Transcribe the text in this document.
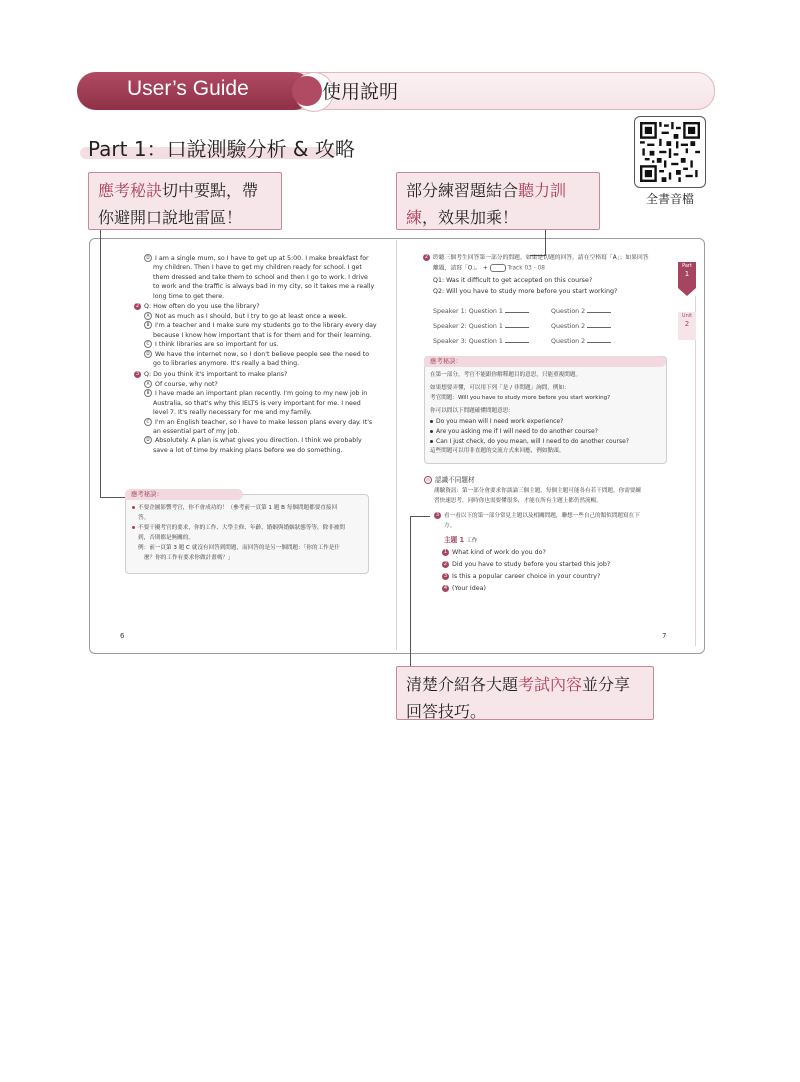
User’s Guide	使用說明
Part 1：口說測驗分析 & 攻略
全書音檔
應考秘訣切中要點，帶你避開口說地雷區！
部分練習題結合聽力訓練，效果加乘！
D I am a single mum, so I have to get up at 5:00. I make breakfast for
my children. Then I have to get my children ready for school. I get
them dressed and take them to school and then I go to work. I drive
to work and the traffic is always bad in my city, so it takes me a really
long time to get there.
2 Q: How often do you use the library?
A Not as much as I should, but I try to go at least once a week.
B I'm a teacher and I make sure my students go to the library every day
because I know how important that is for them and for their learning.
C I think libraries are so important for us.
D We have the internet now, so I don't believe people see the need to
go to libraries anymore. It's really a bad thing.
3 Q: Do you think it's important to make plans?
A Of course, why not?
B I have made an important plan recently. I'm going to my new job in
Australia, so that's why this IELTS is very important for me. I need
level 7. It's really necessary for me and my family.
C I'm an English teacher, so I have to make lesson plans every day. It's
an essential part of my job.
D Absolutely. A plan is what gives you direction. I think we probably
save a lot of time by making plans before we do something.
應考秘訣：
不要企圖影響考官，你不會成功的！（參考前一頁第 1 題 B 每個問題都要直接回
答。
不要干擾考官的要求，你的工作、大學主修、年齡、婚姻與婚姻狀態等等，除非被問
到，否則都是無關的。
例：前一頁第 3 題 C 就沒有回答到問題，而回答的是另一個問題：「你的工作是什
麼？你的工作有要求你做計畫嗎？」
6
2 聆聽三個考生回答第一部分的問題，如果是切題的回答，請在空格寫「A」；如果回答
離題，請寫「O」。 +	Track 03 - 08
Q1: Was it difficult to get accepted on this course?
Q2: Will you have to study more before you start working?
Speaker 1: Question 1	Question 2
Speaker 2: Question 1	Question 2
Speaker 3: Question 1	Question 2
應考秘訣：
在第一部分，考官不能跟你解釋題目的意思，只能重複問題。
如果想要弄懂，可以用下列「是 / 非問題」詢問，例如：
考官問題：Will you have to study more before you start working?
你可以問以下問題確懂問題意思：
Do you mean will I need work experience?
Are you asking me if I will need to do another course?
Can I just check, do you mean, will I need to do another course?
這些問題可以用非直題的交流方式來回應，例如點頭。
◎ 認識不同題材
測驗資訊：第一部分會要求你談論三個主題，每個主題可能各有若干問題，你需要練
習快速思考，同時你也需要懂很多，才能在所有主題上都仍然流暢。
3 看一看以下的第一部分常見主題以及相關問題，聯想一些自己的類似問題寫在下
方。
主題 1 工作
1 What kind of work do you do?
2 Did you have to study before you started this job?
3 Is this a popular career choice in your country?
4 (Your Idea)
7
Part
1
Unit
2
清楚介紹各大題考試內容並分享回答技巧。
